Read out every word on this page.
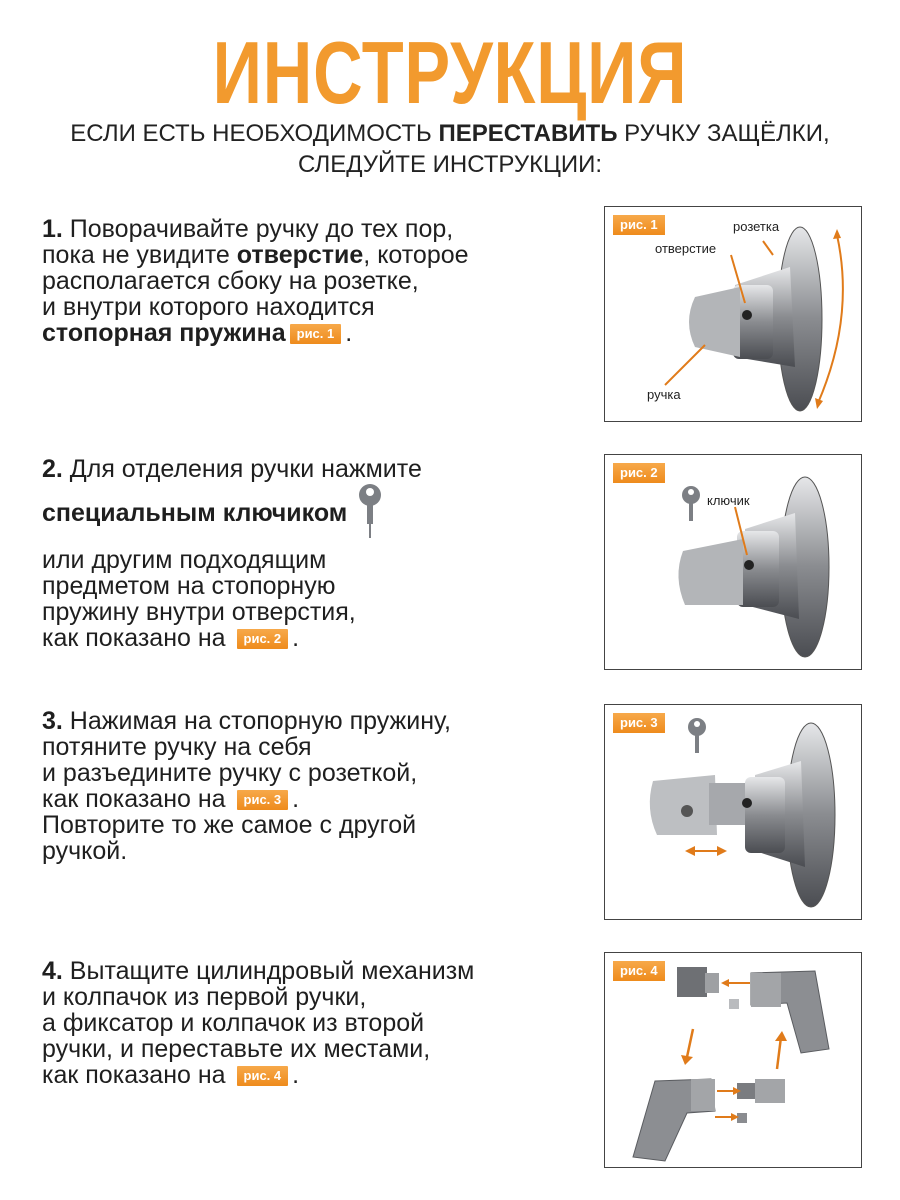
ИНСТРУКЦИЯ
ЕСЛИ ЕСТЬ НЕОБХОДИМОСТЬ ПЕРЕСТАВИТЬ РУЧКУ ЗАЩЁЛКИ,
СЛЕДУЙТЕ ИНСТРУКЦИИ:
1. Поворачивайте ручку до тех пор,
пока не увидите отверстие, которое
располагается сбоку на розетке,
и внутри которого находится
стопорная пружина рис. 1 .
2. Для отделения ручки нажмите
специальным ключиком
или другим подходящим
предметом на стопорную
пружину внутри отверстия,
как показано на рис. 2 .
3. Нажимая на стопорную пружину,
потяните ручку на себя
и разъедините ручку с розеткой,
как показано на рис. 3 .
Повторите то же самое с другой
ручкой.
4. Вытащите цилиндровый механизм
и колпачок из первой ручки,
а фиксатор и колпачок из второй
ручки, и переставьте их местами,
как показано на рис. 4 .
рис. 1	розетка
отверстие
ручка
рис. 2
ключик
рис. 3
рис. 4
